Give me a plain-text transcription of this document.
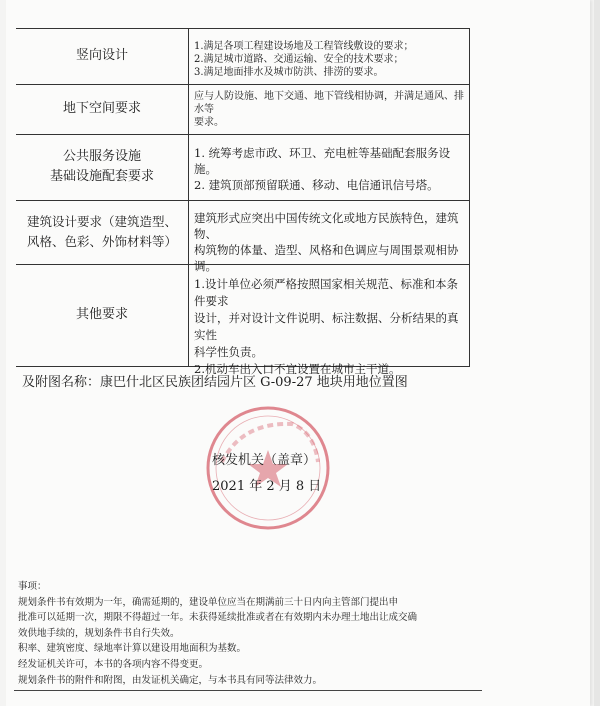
竖向设计
1.满足各项工程建设场地及工程管线敷设的要求；
2.满足城市道路、交通运输、安全的技术要求；
3.满足地面排水及城市防洪、排涝的要求。
地下空间要求
应与人防设施、地下交通、地下管线相协调，并满足通风、排水等
要求。
公共服务设施
基础设施配套要求
1. 统筹考虑市政、环卫、充电桩等基础配套服务设施。
2. 建筑顶部预留联通、移动、电信通讯信号塔。
建筑设计要求（建筑造型、
风格、色彩、外饰材料等）
建筑形式应突出中国传统文化或地方民族特色，建筑物、
构筑物的体量、造型、风格和色调应与周围景观相协调。
其他要求
1.设计单位必须严格按照国家相关规范、标准和本条件要求
设计，并对设计文件说明、标注数据、分析结果的真实性
科学性负责。
2.机动车出入口不宜设置在城市主干道。
及附图名称：康巴什北区民族团结园片区 G-09-27 地块用地位置图
核发机关（盖章）
2021 年 2 月 8 日
事项：
规划条件书有效期为一年，确需延期的，建设单位应当在期满前三十日内向主管部门提出申
批准可以延期一次，期限不得超过一年。未获得延续批准或者在有效期内未办理土地出让成交确
效供地手续的，规划条件书自行失效。
积率、建筑密度、绿地率计算以建设用地面积为基数。
经发证机关许可，本书的各项内容不得变更。
规划条件书的附件和附图，由发证机关确定，与本书具有同等法律效力。
